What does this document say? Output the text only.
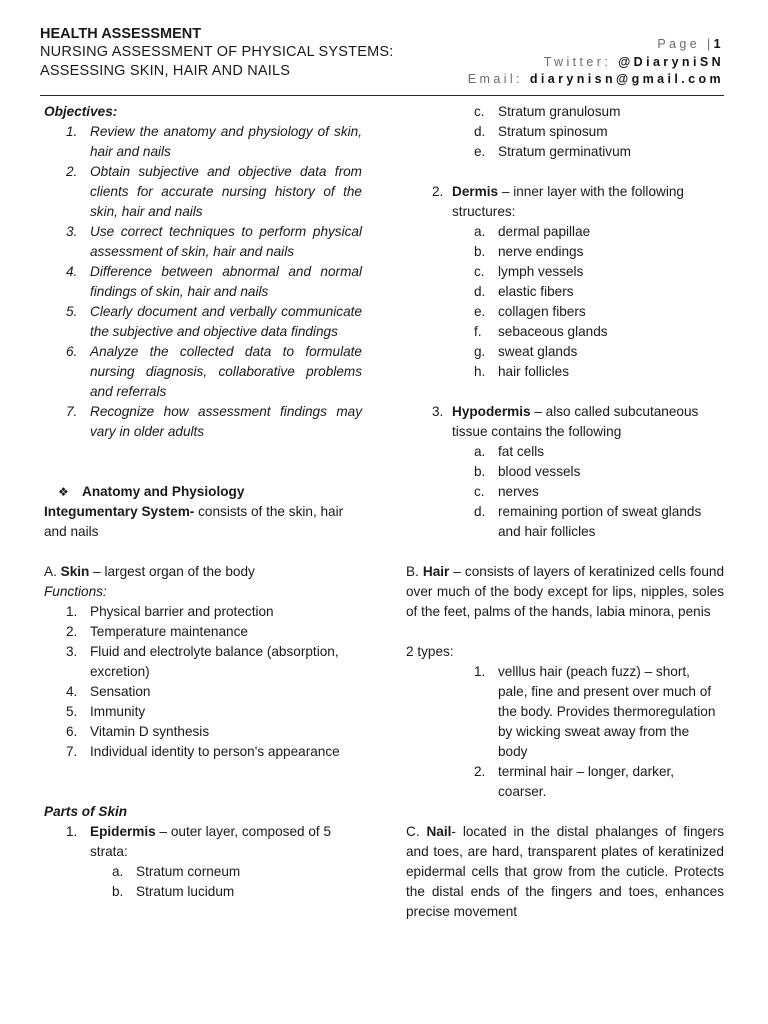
HEALTH ASSESSMENT
NURSING ASSESSMENT OF PHYSICAL SYSTEMS:
ASSESSING SKIN, HAIR AND NAILS
Page |1
Twitter: @DiaryniSN
Email: diarynisn@gmail.com
Objectives:
1. Review the anatomy and physiology of skin, hair and nails
2. Obtain subjective and objective data from clients for accurate nursing history of the skin, hair and nails
3. Use correct techniques to perform physical assessment of skin, hair and nails
4. Difference between abnormal and normal findings of skin, hair and nails
5. Clearly document and verbally communicate the subjective and objective data findings
6. Analyze the collected data to formulate nursing diagnosis, collaborative problems and referrals
7. Recognize how assessment findings may vary in older adults
❖ Anatomy and Physiology
Integumentary System- consists of the skin, hair and nails
A. Skin – largest organ of the body
Functions:
1. Physical barrier and protection
2. Temperature maintenance
3. Fluid and electrolyte balance (absorption, excretion)
4. Sensation
5. Immunity
6. Vitamin D synthesis
7. Individual identity to person's appearance
Parts of Skin
1. Epidermis – outer layer, composed of 5 strata:
a. Stratum corneum
b. Stratum lucidum
c. Stratum granulosum
d. Stratum spinosum
e. Stratum germinativum
2. Dermis – inner layer with the following structures:
a. dermal papillae
b. nerve endings
c. lymph vessels
d. elastic fibers
e. collagen fibers
f. sebaceous glands
g. sweat glands
h. hair follicles
3. Hypodermis – also called subcutaneous tissue contains the following
a. fat cells
b. blood vessels
c. nerves
d. remaining portion of sweat glands and hair follicles
B. Hair – consists of layers of keratinized cells found over much of the body except for lips, nipples, soles of the feet, palms of the hands, labia minora, penis
2 types:
1. velllus hair (peach fuzz) – short, pale, fine and present over much of the body. Provides thermoregulation by wicking sweat away from the body
2. terminal hair – longer, darker, coarser.
C. Nail- located in the distal phalanges of fingers and toes, are hard, transparent plates of keratinized epidermal cells that grow from the cuticle. Protects the distal ends of the fingers and toes, enhances precise movement
